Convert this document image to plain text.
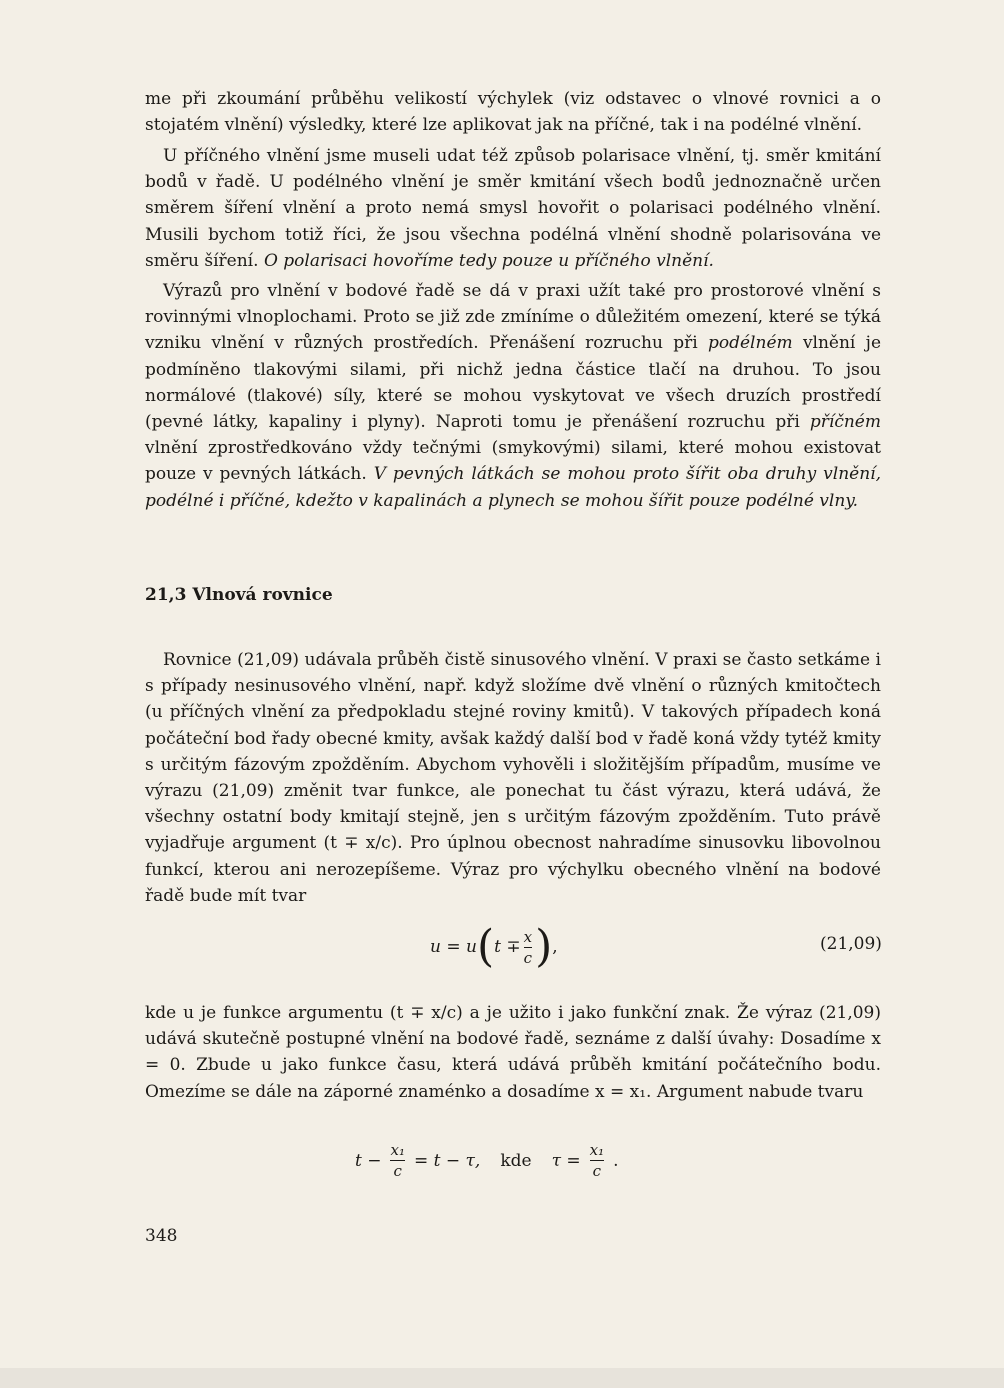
me při zkoumání průběhu velikostí výchylek (viz odstavec o vlnové rovnici a o stojatém vlnění) výsledky, které lze aplikovat jak na příčné, tak i na podélné vlnění.

U příčného vlnění jsme museli udat též způsob polarisace vlnění, tj. směr kmitání bodů v řadě. U podélného vlnění je směr kmitání všech bodů jednoznačně určen směrem šíření vlnění a proto nemá smysl hovořit o polarisaci podélného vlnění. Musili bychom totiž říci, že jsou všechna podélná vlnění shodně polarisována ve směru šíření. O polarisaci hovoříme tedy pouze u příčného vlnění.

Výrazů pro vlnění v bodové řadě se dá v praxi užít také pro prostorové vlnění s rovinnými vlnoplochami. Proto se již zde zmíníme o důležitém omezení, které se týká vzniku vlnění v různých prostředích. Přenášení rozruchu při podélném vlnění je podmíněno tlakovými silami, při nichž jedna částice tlačí na druhou. To jsou normálové (tlakové) síly, které se mohou vyskytovat ve všech druzích prostředí (pevné látky, kapaliny i plyny). Naproti tomu je přenášení rozruchu při příčném vlnění zprostředkováno vždy tečnými (smykovými) silami, které mohou existovat pouze v pevných látkách. V pevných látkách se mohou proto šířit oba druhy vlnění, podélné i příčné, kdežto v kapalinách a plynech se mohou šířit pouze podélné vlny.

21,3 Vlnová rovnice

Rovnice (21,09) udávala průběh čistě sinusového vlnění. V praxi se často setkáme i s případy nesinusového vlnění, např. když složíme dvě vlnění o různých kmitočtech (u příčných vlnění za předpokladu stejné roviny kmitů). V takových případech koná počáteční bod řady obecné kmity, avšak každý další bod v řadě koná vždy tytéž kmity s určitým fázovým zpožděním. Abychom vyhověli i složitějším případům, musíme ve výrazu (21,09) změnit tvar funkce, ale ponechat tu část výrazu, která udává, že všechny ostatní body kmitají stejně, jen s určitým fázovým zpožděním. Tuto právě vyjadřuje argument (t ∓ x/c). Pro úplnou obecnost nahradíme sinusovku libovolnou funkcí, kterou ani nerozepíšeme. Výraz pro výchylku obecného vlnění na bodové řadě bude mít tvar

u = u ( $t \mp \frac{x}{c}$ ) ,	(21,09)

kde u je funkce argumentu (t ∓ x/c) a je užito i jako funkční znak. Že výraz (21,09) udává skutečně postupné vlnění na bodové řadě, seznáme z další úvahy: Dosadíme x = 0. Zbude u jako funkce času, která udává průběh kmitání počátečního bodu. Omezíme se dále na záporné znaménko a dosadíme x = x₁. Argument nabude tvaru

$t - \frac{\text{x₁}}{c} = t - \tau$, kde $\tau = \frac{\text{x₁}}{c}$ .
348
